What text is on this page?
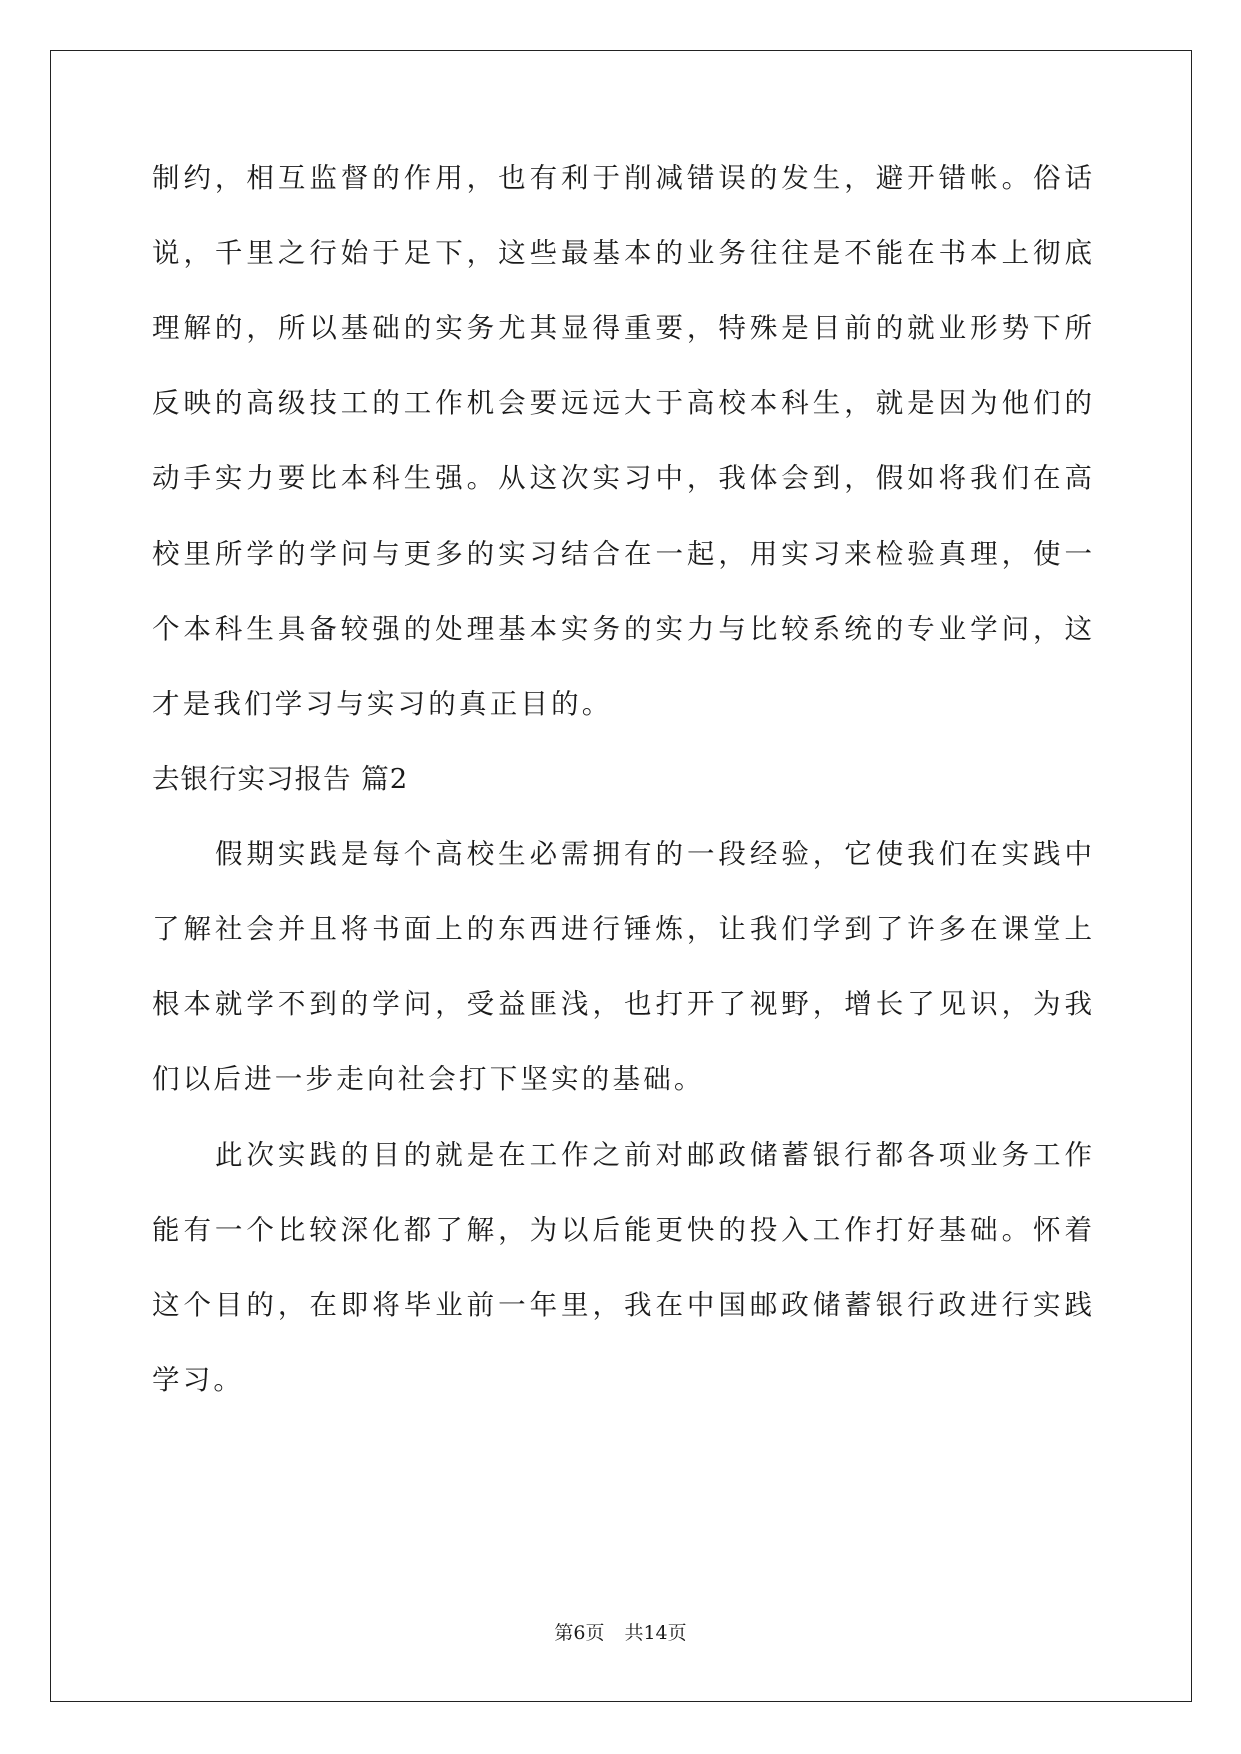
制约，相互监督的作用，也有利于削减错误的发生，避开错帐。俗话
说，千里之行始于足下，这些最基本的业务往往是不能在书本上彻底
理解的，所以基础的实务尤其显得重要，特殊是目前的就业形势下所
反映的高级技工的工作机会要远远大于高校本科生，就是因为他们的
动手实力要比本科生强。从这次实习中，我体会到，假如将我们在高
校里所学的学问与更多的实习结合在一起，用实习来检验真理，使一
个本科生具备较强的处理基本实务的实力与比较系统的专业学问，这
才是我们学习与实习的真正目的。
去银行实习报告 篇2
假期实践是每个高校生必需拥有的一段经验，它使我们在实践中
了解社会并且将书面上的东西进行锤炼，让我们学到了许多在课堂上
根本就学不到的学问，受益匪浅，也打开了视野，增长了见识，为我
们以后进一步走向社会打下坚实的基础。
此次实践的目的就是在工作之前对邮政储蓄银行都各项业务工作
能有一个比较深化都了解，为以后能更快的投入工作打好基础。怀着
这个目的，在即将毕业前一年里，我在中国邮政储蓄银行政进行实践
学习。
第6页 共14页
